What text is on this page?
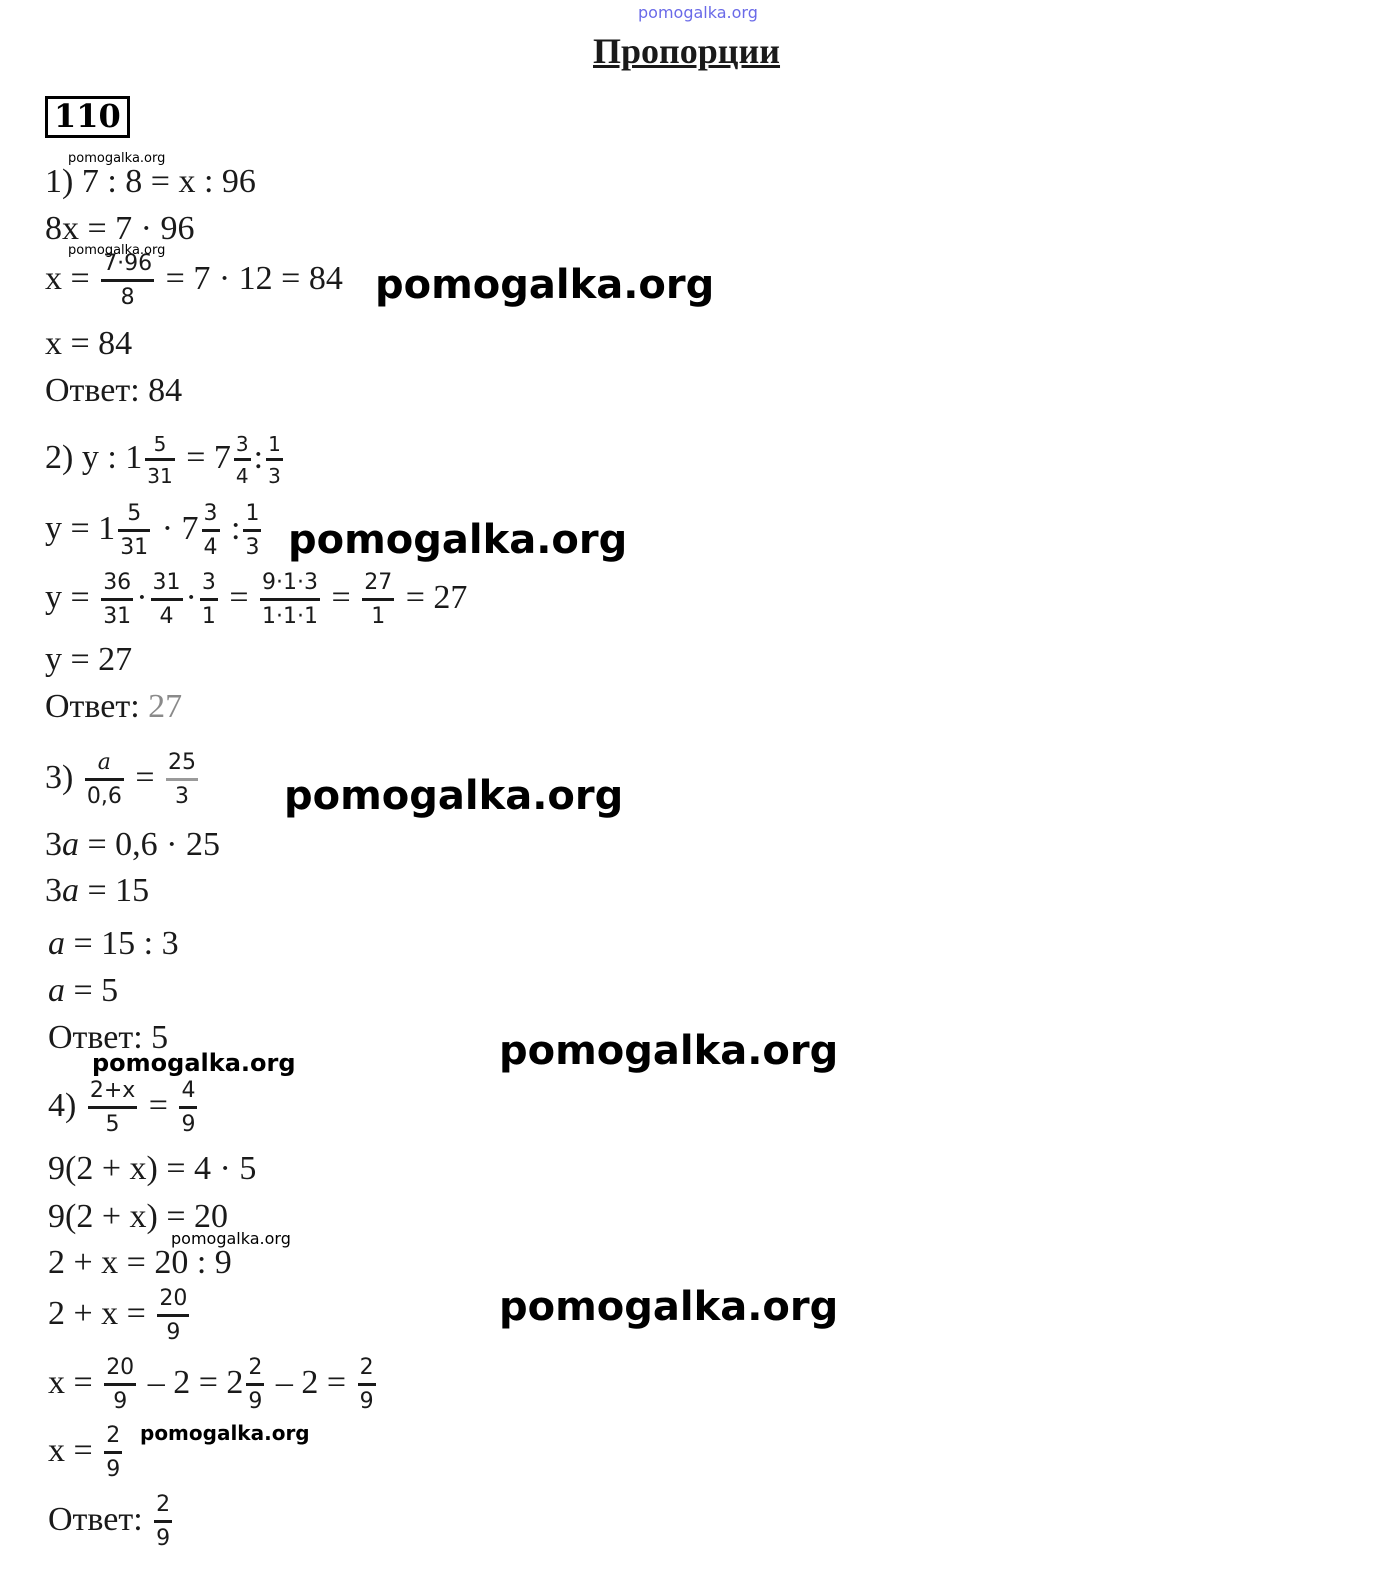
pomogalka.org
Пропорции
110
pomogalka.org
1) 7 : 8 = x : 96
8x = 7 · 96
pomogalka.org
$x = \frac{7\cdot 96}{8} = 7 \cdot 12 = 84$ pomogalka.org
x = 84
Ответ: 84
2) y : $1 \frac{5}{31} = 7 \frac{3}{4}$ : $\frac{1}{3}$
$y = 1 \frac{5}{31} \cdot 7 \frac{3}{4}$ : $\frac{1}{3}$ pomogalka.org
$y = \frac{36}{31} \cdot \frac{31}{4} \cdot \frac{3}{1} = \frac{9\cdot 1\cdot 3}{1\cdot 1\cdot 1} = \frac{27}{1} = 27$
y = 27
Ответ: 27
$3) \frac{a}{0,6} = \frac{25}{3}$ pomogalka.org
3a = 0,6 · 25
3a = 15
a = 15 : 3
a = 5
Ответ: 5
pomogalka.org	pomogalka.org
$4) \frac{2+x}{5} = \frac{4}{9}$
9(2 + x) = 4 · 5
9(2 + x) = 20
pomogalka.org
2 + x = 20 : 9
$2 + x = \frac{20}{9}$	pomogalka.org
$x = \frac{20}{9} - 2 = 2 \frac{2}{9} - 2 = \frac{2}{9}$
$x = \frac{2}{9}$ pomogalka.org
Ответ: $\frac{2}{9}$
